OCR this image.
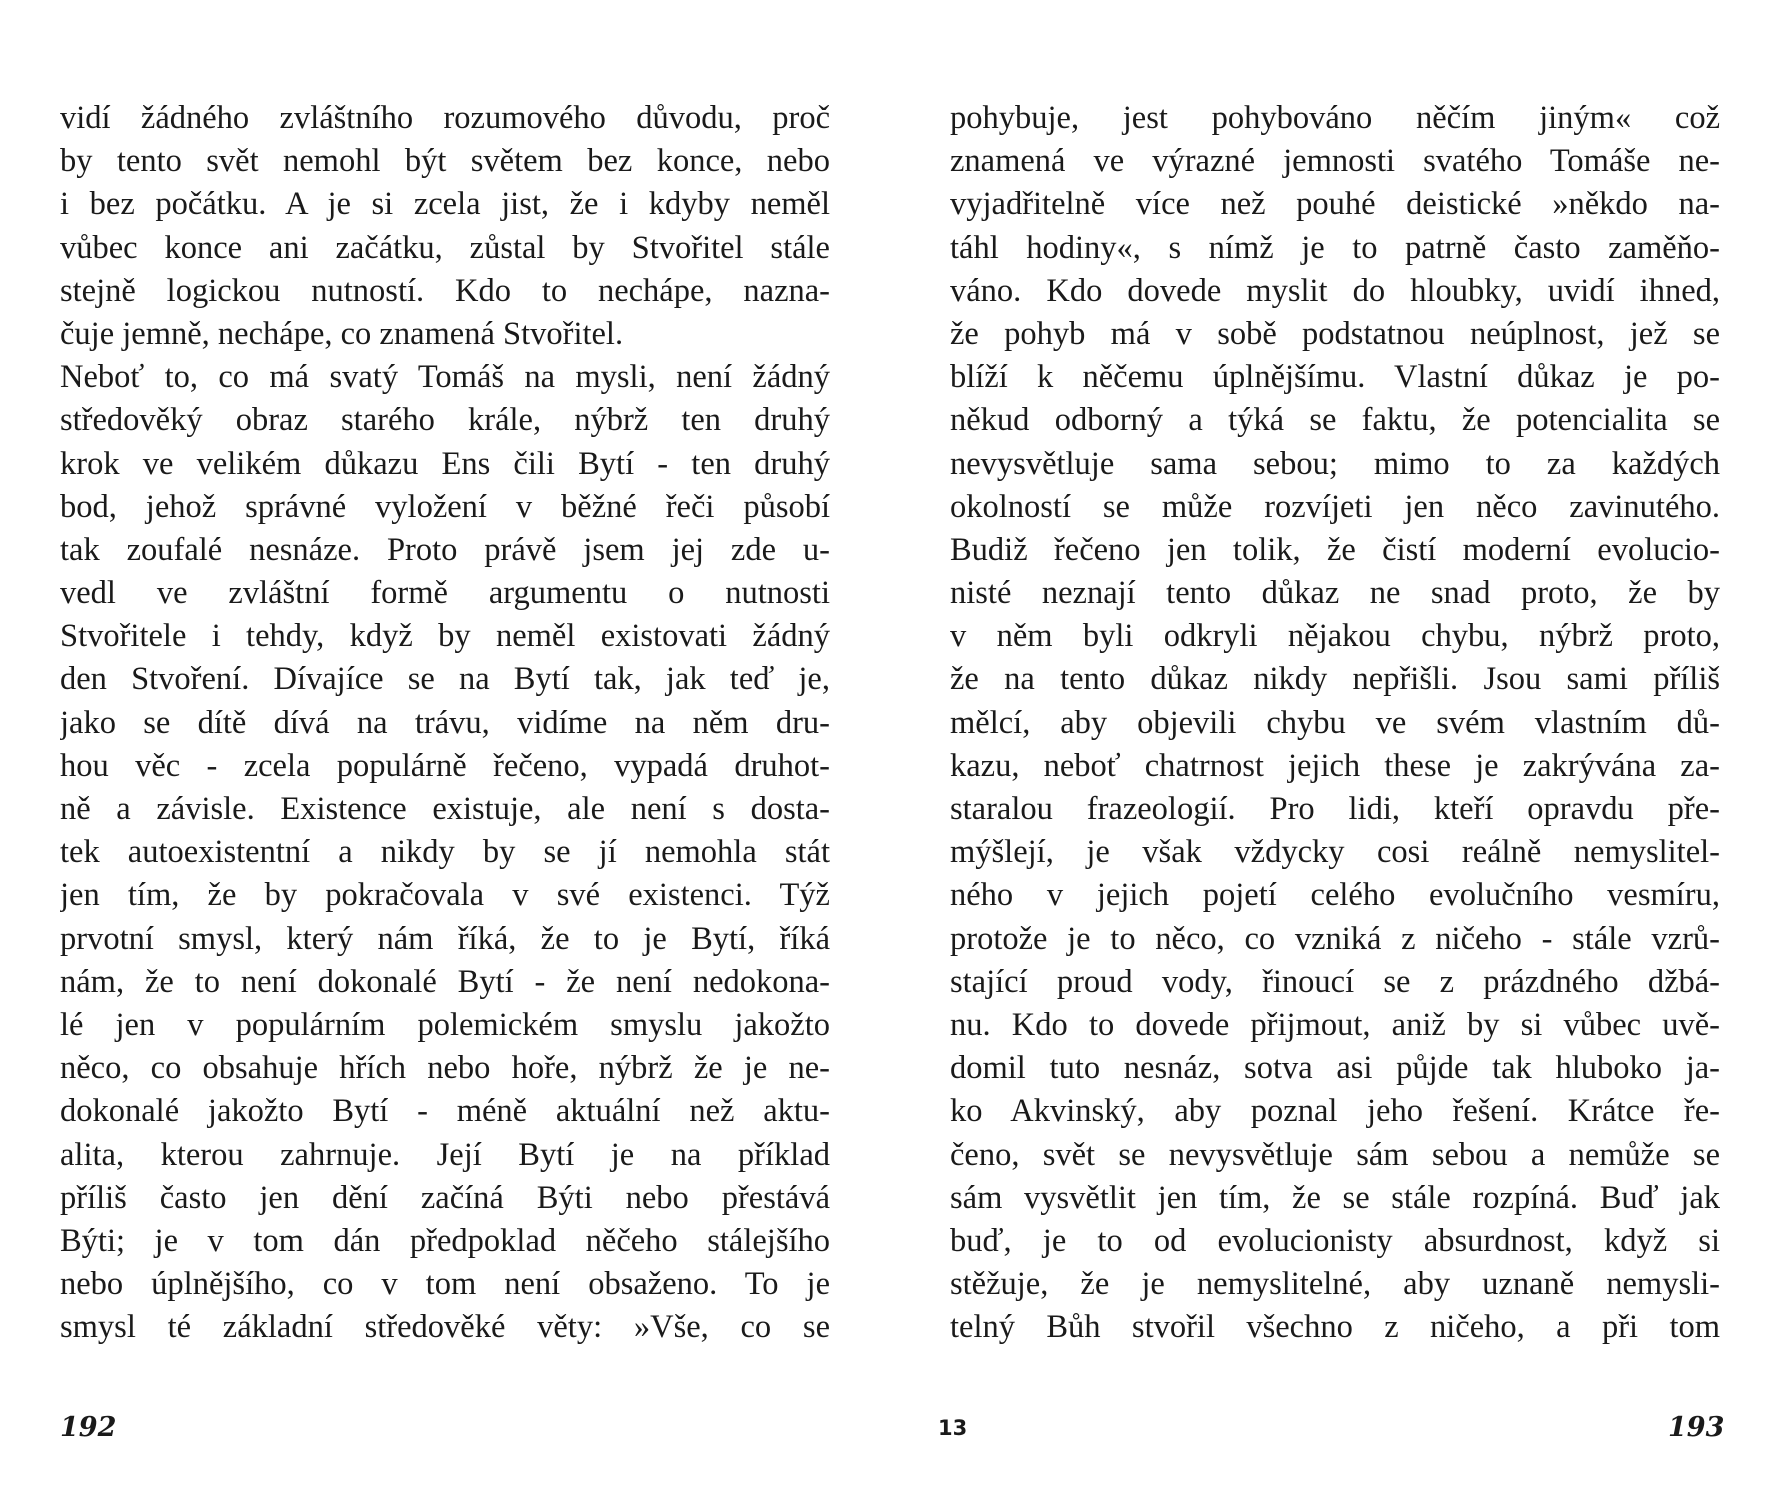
vidí žádného zvláštního rozumového důvodu, proč
by tento svět nemohl být světem bez konce, nebo
i bez počátku. A je si zcela jist, že i kdyby neměl
vůbec konce ani začátku, zůstal by Stvořitel stále
stejně logickou nutností. Kdo to nechápe, nazna-
čuje jemně, nechápe, co znamená Stvořitel.
Neboť to, co má svatý Tomáš na mysli, není žádný
středověký obraz starého krále, nýbrž ten druhý
krok ve velikém důkazu Ens čili Bytí - ten druhý
bod, jehož správné vyložení v běžné řeči působí
tak zoufalé nesnáze. Proto právě jsem jej zde u-
vedl ve zvláštní formě argumentu o nutnosti
Stvořitele i tehdy, když by neměl existovati žádný
den Stvoření. Dívajíce se na Bytí tak, jak teď je,
jako se dítě dívá na trávu, vidíme na něm dru-
hou věc - zcela populárně řečeno, vypadá druhot-
ně a závisle. Existence existuje, ale není s dosta-
tek autoexistentní a nikdy by se jí nemohla stát
jen tím, že by pokračovala v své existenci. Týž
prvotní smysl, který nám říká, že to je Bytí, říká
nám, že to není dokonalé Bytí - že není nedokona-
lé jen v populárním polemickém smyslu jakožto
něco, co obsahuje hřích nebo hoře, nýbrž že je ne-
dokonalé jakožto Bytí - méně aktuální než aktu-
alita, kterou zahrnuje. Její Bytí je na příklad
příliš často jen dění začíná Býti nebo přestává
Býti; je v tom dán předpoklad něčeho stálejšího
nebo úplnějšího, co v tom není obsaženo. To je
smysl té základní středověké věty: »Vše, co se
pohybuje, jest pohybováno něčím jiným« což
znamená ve výrazné jemnosti svatého Tomáše ne-
vyjadřitelně více než pouhé deistické »někdo na-
táhl hodiny«, s nímž je to patrně často zaměňo-
váno. Kdo dovede myslit do hloubky, uvidí ihned,
že pohyb má v sobě podstatnou neúplnost, jež se
blíží k něčemu úplnějšímu. Vlastní důkaz je po-
někud odborný a týká se faktu, že potencialita se
nevysvětluje sama sebou; mimo to za každých
okolností se může rozvíjeti jen něco zavinutého.
Budiž řečeno jen tolik, že čistí moderní evolucio-
nisté neznají tento důkaz ne snad proto, že by
v něm byli odkryli nějakou chybu, nýbrž proto,
že na tento důkaz nikdy nepřišli. Jsou sami příliš
mělcí, aby objevili chybu ve svém vlastním dů-
kazu, neboť chatrnost jejich these je zakrývána za-
staralou frazeologií. Pro lidi, kteří opravdu pře-
mýšlejí, je však vždycky cosi reálně nemyslitel-
ného v jejich pojetí celého evolučního vesmíru,
protože je to něco, co vzniká z ničeho - stále vzrů-
stající proud vody, řinoucí se z prázdného džbá-
nu. Kdo to dovede přijmout, aniž by si vůbec uvě-
domil tuto nesnáz, sotva asi půjde tak hluboko ja-
ko Akvinský, aby poznal jeho řešení. Krátce ře-
čeno, svět se nevysvětluje sám sebou a nemůže se
sám vysvětlit jen tím, že se stále rozpíná. Buď jak
buď, je to od evolucionisty absurdnost, když si
stěžuje, že je nemyslitelné, aby uznaně nemysli-
telný Bůh stvořil všechno z ničeho, a při tom
192	13	193
